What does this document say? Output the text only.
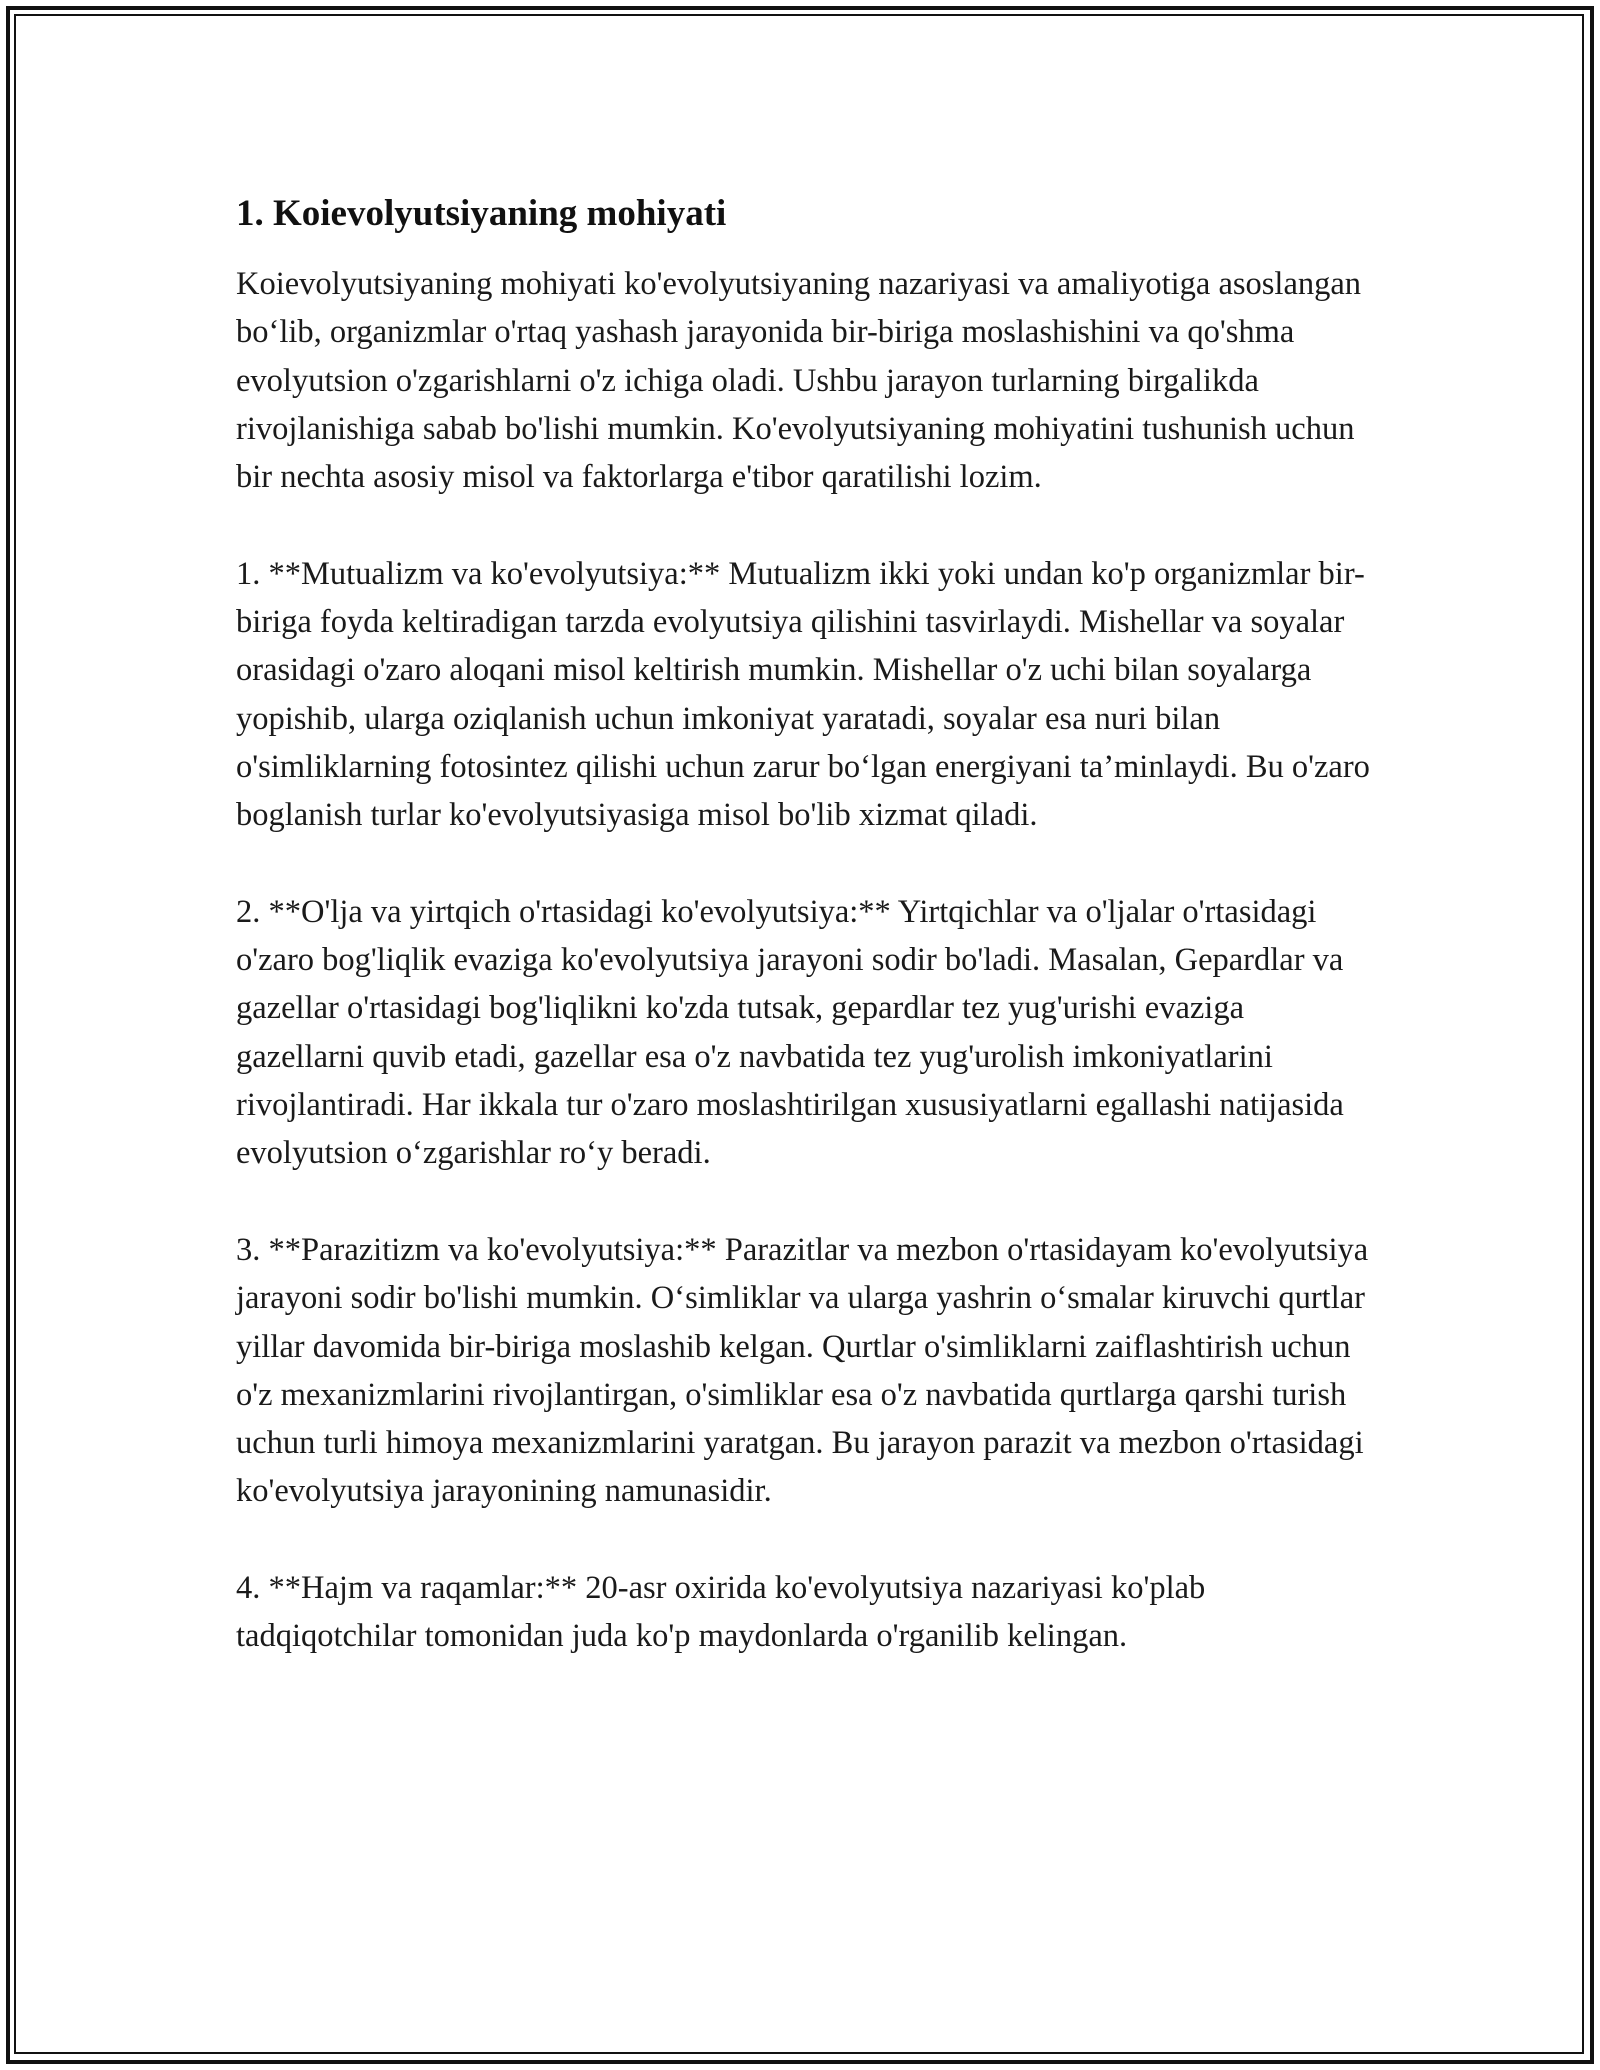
1. Koievolyutsiyaning mohiyati

Koievolyutsiyaning mohiyati ko'evolyutsiyaning nazariyasi va amaliyotiga asoslangan bo‘lib, organizmlar o'rtaq yashash jarayonida bir-biriga moslashishini va qo'shma evolyutsion o'zgarishlarni o'z ichiga oladi. Ushbu jarayon turlarning birgalikda rivojlanishiga sabab bo'lishi mumkin. Ko'evolyutsiyaning mohiyatini tushunish uchun bir nechta asosiy misol va faktorlarga e'tibor qaratilishi lozim.

1. **Mutualizm va ko'evolyutsiya:** Mutualizm ikki yoki undan ko'p organizmlar bir-biriga foyda keltiradigan tarzda evolyutsiya qilishini tasvirlaydi. Mishellar va soyalar orasidagi o'zaro aloqani misol keltirish mumkin. Mishellar o'z uchi bilan soyalarga yopishib, ularga oziqlanish uchun imkoniyat yaratadi, soyalar esa nuri bilan o'simliklarning fotosintez qilishi uchun zarur bo‘lgan energiyani ta’minlaydi. Bu o'zaro boglanish turlar ko'evolyutsiyasiga misol bo'lib xizmat qiladi.

2. **O'lja va yirtqich o'rtasidagi ko'evolyutsiya:** Yirtqichlar va o'ljalar o'rtasidagi o'zaro bog'liqlik evaziga ko'evolyutsiya jarayoni sodir bo'ladi. Masalan, Gepardlar va gazellar o'rtasidagi bog'liqlikni ko'zda tutsak, gepardlar tez yug'urishi evaziga gazellarni quvib etadi, gazellar esa o'z navbatida tez yug'urolish imkoniyatlarini rivojlantiradi. Har ikkala tur o'zaro moslashtirilgan xususiyatlarni egallashi natijasida evolyutsion o‘zgarishlar ro‘y beradi.

3. **Parazitizm va ko'evolyutsiya:** Parazitlar va mezbon o'rtasidayam ko'evolyutsiya jarayoni sodir bo'lishi mumkin. O‘simliklar va ularga yashrin o‘smalar kiruvchi qurtlar yillar davomida bir-biriga moslashib kelgan. Qurtlar o'simliklarni zaiflashtirish uchun o'z mexanizmlarini rivojlantirgan, o'simliklar esa o'z navbatida qurtlarga qarshi turish uchun turli himoya mexanizmlarini yaratgan. Bu jarayon parazit va mezbon o'rtasidagi ko'evolyutsiya jarayonining namunasidir.

4. **Hajm va raqamlar:** 20-asr oxirida ko'evolyutsiya nazariyasi ko'plab tadqiqotchilar tomonidan juda ko'p maydonlarda o'rganilib kelingan.
